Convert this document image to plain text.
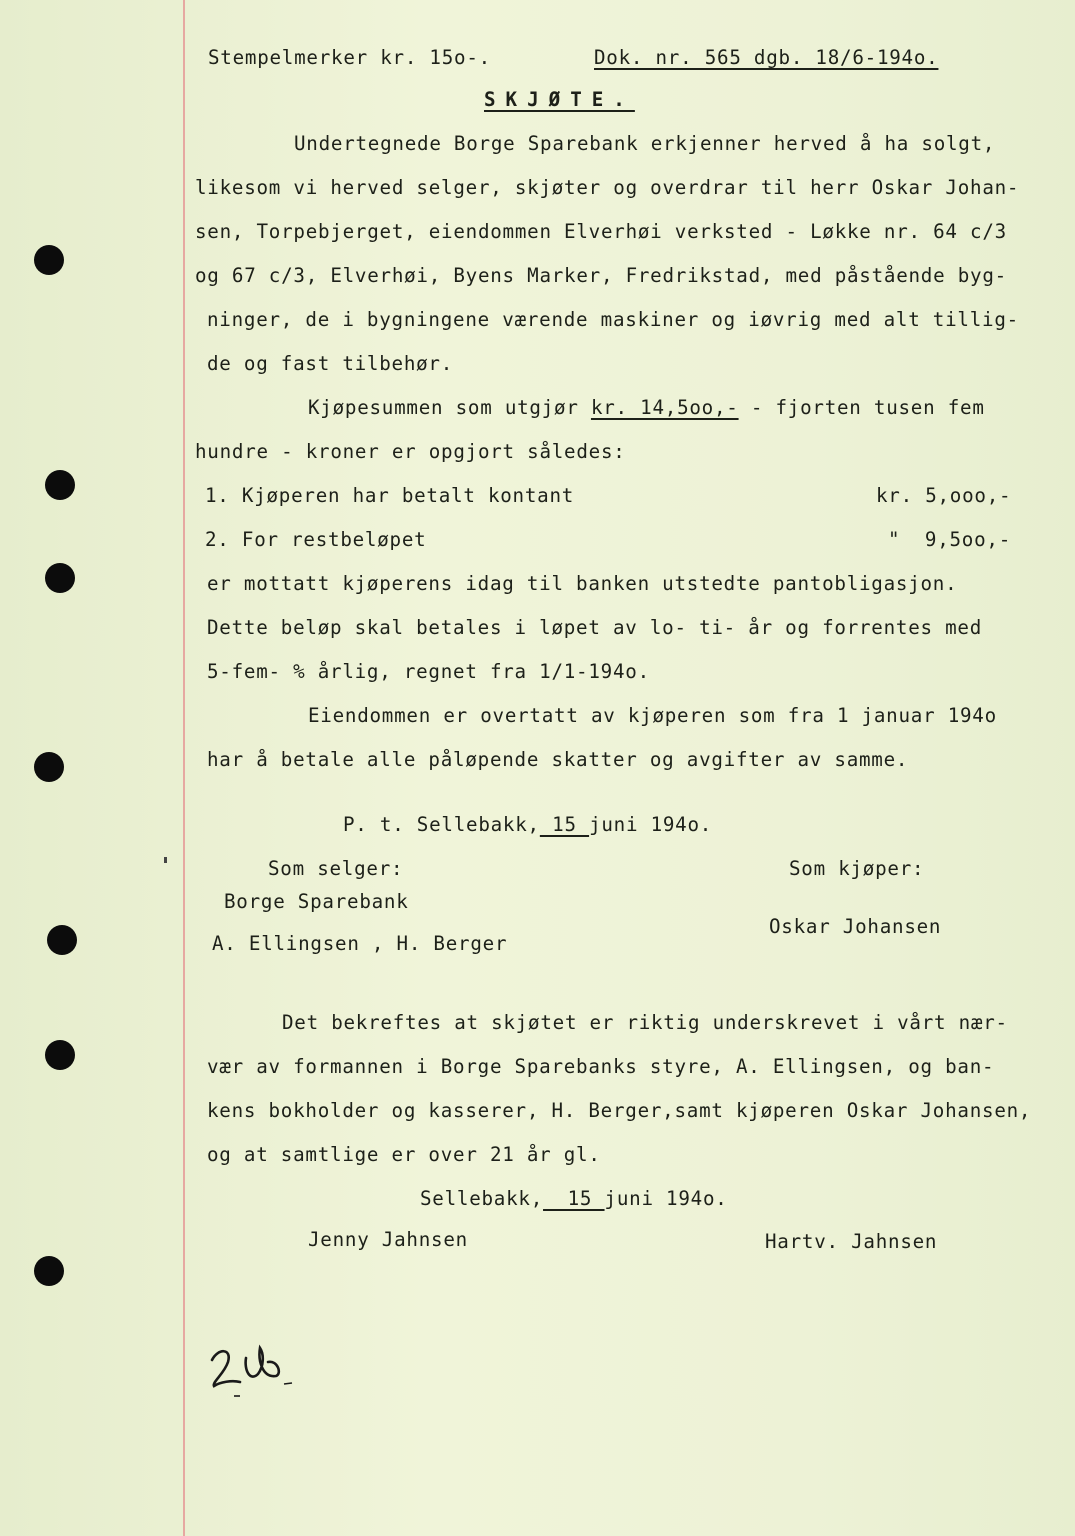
Stempelmerker kr. 15o-.	Dok. nr. 565 dgb. 18/6-194o.
SKJØTE.
Undertegnede Borge Sparebank erkjenner herved å ha solgt,
likesom vi herved selger, skjøter og overdrar til herr Oskar Johan-
sen, Torpebjerget, eiendommen Elverhøi verksted - Løkke nr. 64 c/3
og 67 c/3, Elverhøi, Byens Marker, Fredrikstad, med påstående byg-
ninger, de i bygningene værende maskiner og iøvrig med alt tillig-
de og fast tilbehør.
Kjøpesummen som utgjør kr. 14,5oo,- - fjorten tusen fem
hundre - kroner er opgjort således:
1. Kjøperen har betalt kontant	kr. 5,ooo,-
2. For restbeløpet	"  9,5oo,-
er mottatt kjøperens idag til banken utstedte pantobligasjon.
Dette beløp skal betales i løpet av lo- ti- år og forrentes med
5-fem- % årlig, regnet fra 1/1-194o.
Eiendommen er overtatt av kjøperen som fra 1 januar 194o
har å betale alle påløpende skatter og avgifter av samme.
P. t. Sellebakk, 15 juni 194o.
Som selger:
Borge Sparebank
A. Ellingsen , H. Berger
Som kjøper:
Oskar Johansen
Det bekreftes at skjøtet er riktig underskrevet i vårt nær-
vær av formannen i Borge Sparebanks styre, A. Ellingsen, og ban-
kens bokholder og kasserer, H. Berger,samt kjøperen Oskar Johansen,
og at samtlige er over 21 år gl.
Sellebakk,  15 juni 194o.
Jenny Jahnsen	Hartv. Jahnsen
